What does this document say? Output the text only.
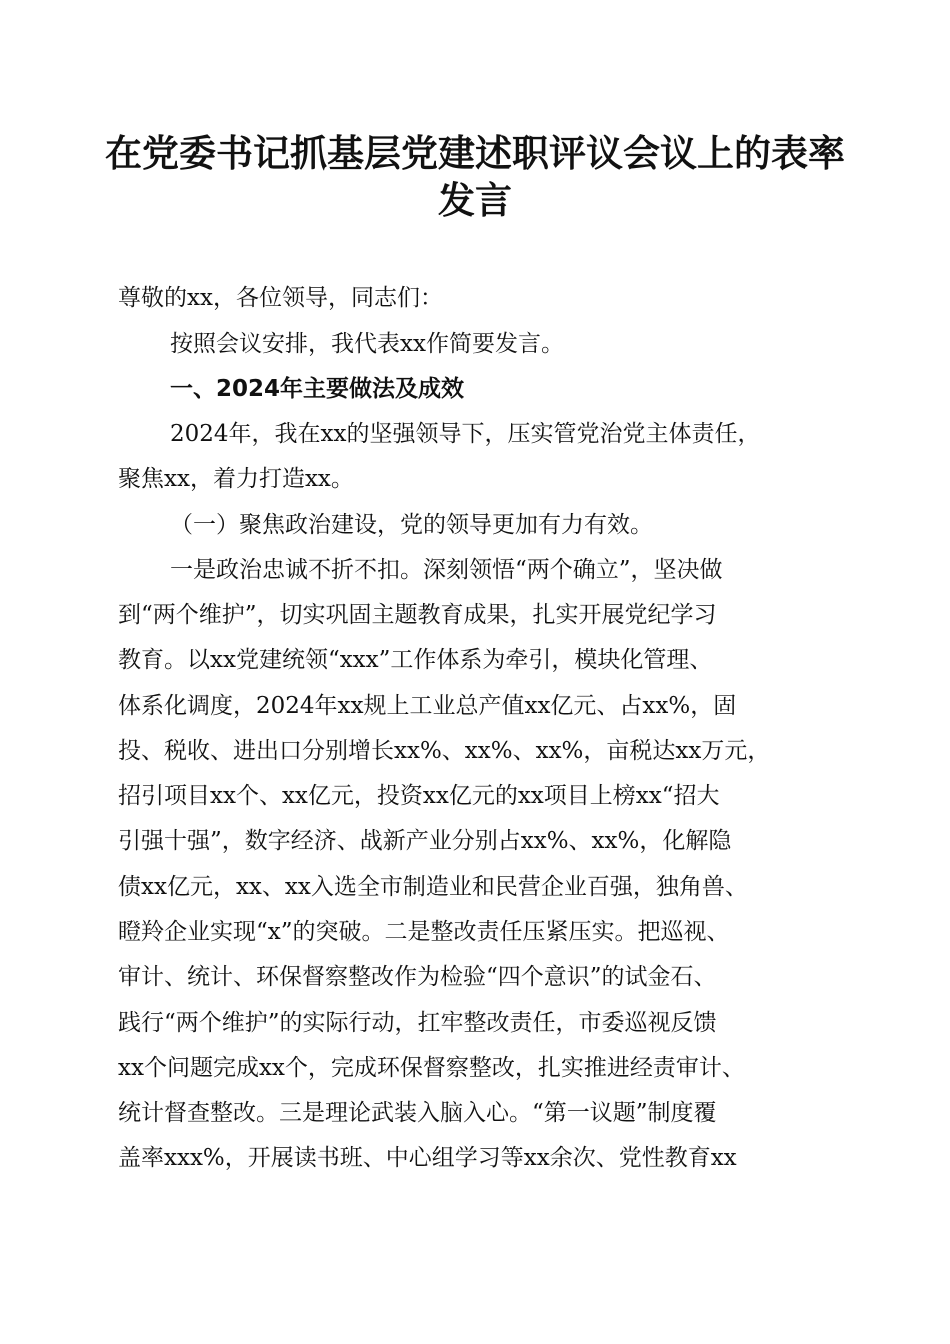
在党委书记抓基层党建述职评议会议上的表率
发言

尊敬的xx，各位领导，同志们：

按照会议安排，我代表xx作简要发言。

一、2024年主要做法及成效

2024年，我在xx的坚强领导下，压实管党治党主体责任，

聚焦xx，着力打造xx。

（一）聚焦政治建设，党的领导更加有力有效。

一是政治忠诚不折不扣。深刻领悟“两个确立”，坚决做

到“两个维护”，切实巩固主题教育成果，扎实开展党纪学习

教育。以xx党建统领“xxx”工作体系为牵引，模块化管理、

体系化调度，2024年xx规上工业总产值xx亿元、占xx%，固

投、税收、进出口分别增长xx%、xx%、xx%，亩税达xx万元，

招引项目xx个、xx亿元，投资xx亿元的xx项目上榜xx“招大

引强十强”，数字经济、战新产业分别占xx%、xx%，化解隐

债xx亿元，xx、xx入选全市制造业和民营企业百强，独角兽、

瞪羚企业实现“x”的突破。二是整改责任压紧压实。把巡视、

审计、统计、环保督察整改作为检验“四个意识”的试金石、

践行“两个维护”的实际行动，扛牢整改责任，市委巡视反馈

xx个问题完成xx个，完成环保督察整改，扎实推进经责审计、

统计督查整改。三是理论武装入脑入心。“第一议题”制度覆

盖率xxx%，开展读书班、中心组学习等xx余次、党性教育xx
